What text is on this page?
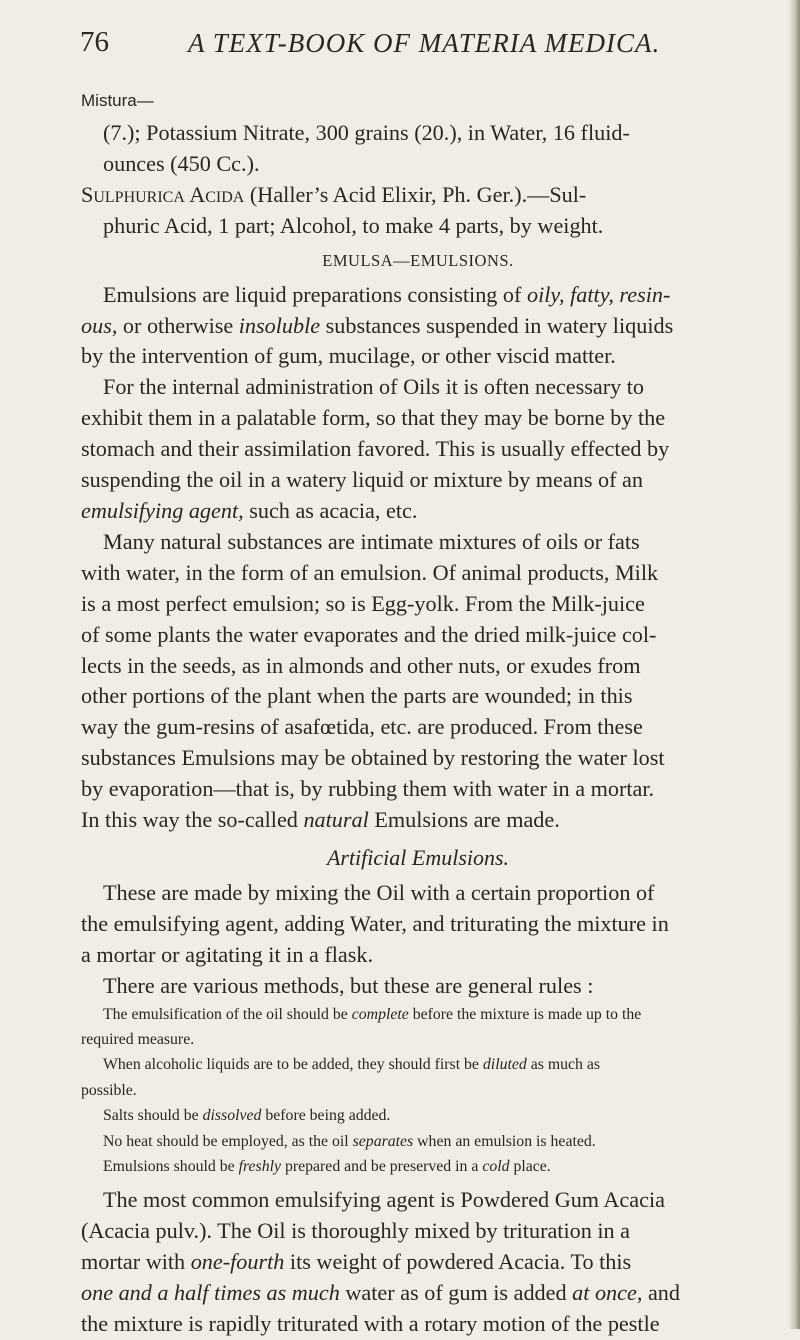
76	A TEXT-BOOK OF MATERIA MEDICA.

Mistura—

(7.); Potassium Nitrate, 300 grains (20.), in Water, 16 fluid-

ounces (450 Cc.).

Sulphurica Acida (Haller’s Acid Elixir, Ph. Ger.).—Sul-

phuric Acid, 1 part; Alcohol, to make 4 parts, by weight.

EMULSA—EMULSIONS.

Emulsions are liquid preparations consisting of oily, fatty, resin-

ous, or otherwise insoluble substances suspended in watery liquids

by the intervention of gum, mucilage, or other viscid matter.

For the internal administration of Oils it is often necessary to

exhibit them in a palatable form, so that they may be borne by the

stomach and their assimilation favored. This is usually effected by

suspending the oil in a watery liquid or mixture by means of an

emulsifying agent, such as acacia, etc.

Many natural substances are intimate mixtures of oils or fats

with water, in the form of an emulsion. Of animal products, Milk

is a most perfect emulsion; so is Egg-yolk. From the Milk-juice

of some plants the water evaporates and the dried milk-juice col-

lects in the seeds, as in almonds and other nuts, or exudes from

other portions of the plant when the parts are wounded; in this

way the gum-resins of asafœtida, etc. are produced. From these

substances Emulsions may be obtained by restoring the water lost

by evaporation—that is, by rubbing them with water in a mortar.

In this way the so-called natural Emulsions are made.

Artificial Emulsions.

These are made by mixing the Oil with a certain proportion of

the emulsifying agent, adding Water, and triturating the mixture in

a mortar or agitating it in a flask.

There are various methods, but these are general rules :

The emulsification of the oil should be complete before the mixture is made up to the

required measure.

When alcoholic liquids are to be added, they should first be diluted as much as

possible.

Salts should be dissolved before being added.

No heat should be employed, as the oil separates when an emulsion is heated.

Emulsions should be freshly prepared and be preserved in a cold place.

The most common emulsifying agent is Powdered Gum Acacia

(Acacia pulv.). The Oil is thoroughly mixed by trituration in a

mortar with one-fourth its weight of powdered Acacia. To this

one and a half times as much water as of gum is added at once, and

the mixture is rapidly triturated with a rotary motion of the pestle
